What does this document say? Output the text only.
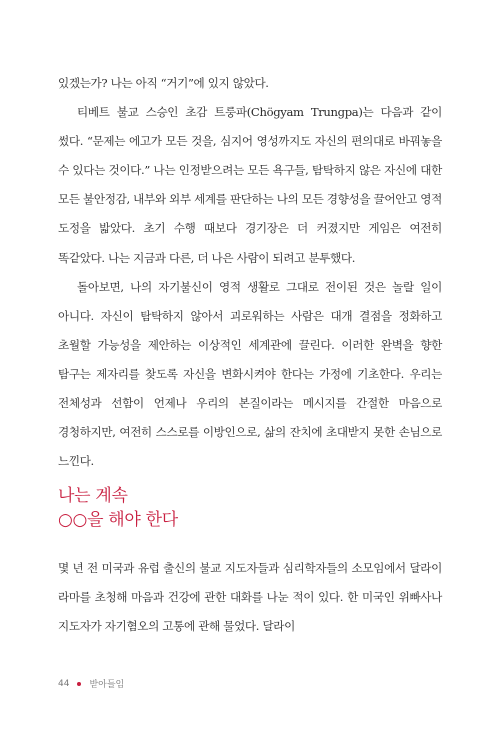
있겠는가? 나는 아직 “거기”에 있지 않았다.

티베트 불교 스승인 초감 트룽파(Chögyam Trungpa)는 다음과 같이 썼다. “문제는 에고가 모든 것을, 심지어 영성까지도 자신의 편의대로 바꿔놓을 수 있다는 것이다.” 나는 인정받으려는 모든 욕구들, 탐탁하지 않은 자신에 대한 모든 불안정감, 내부와 외부 세계를 판단하는 나의 모든 경향성을 끌어안고 영적 도정을 밟았다. 초기 수행 때보다 경기장은 더 커졌지만 게임은 여전히 똑같았다. 나는 지금과 다른, 더 나은 사람이 되려고 분투했다.

돌아보면, 나의 자기불신이 영적 생활로 그대로 전이된 것은 놀랄 일이 아니다. 자신이 탐탁하지 않아서 괴로워하는 사람은 대개 결점을 정화하고 초월할 가능성을 제안하는 이상적인 세계관에 끌린다. 이러한 완벽을 향한 탐구는 제자리를 찾도록 자신을 변화시켜야 한다는 가정에 기초한다. 우리는 전체성과 선함이 언제나 우리의 본질이라는 메시지를 간절한 마음으로 경청하지만, 여전히 스스로를 이방인으로, 삶의 잔치에 초대받지 못한 손님으로 느낀다.

나는 계속
○○을 해야 한다

몇 년 전 미국과 유럽 출신의 불교 지도자들과 심리학자들의 소모임에서 달라이 라마를 초청해 마음과 건강에 관한 대화를 나눈 적이 있다. 한 미국인 위빠사나 지도자가 자기혐오의 고통에 관해 물었다. 달라이

44 받아들임
